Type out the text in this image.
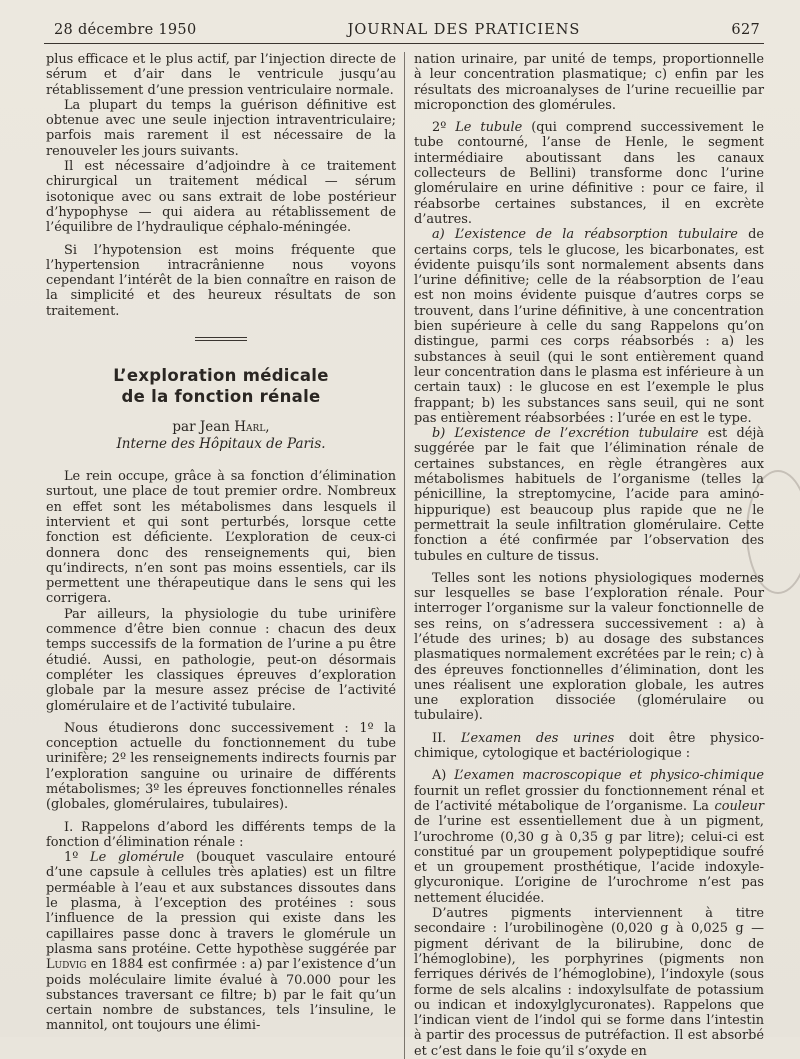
28 décembre 1950	JOURNAL DES PRATICIENS	627

plus efficace et le plus actif, par l’injection directe de sérum et d’air dans le ventricule jusqu’au rétablissement d’une pression ventriculaire normale.

La plupart du temps la guérison définitive est obtenue avec une seule injection intraventriculaire; parfois mais rarement il est nécessaire de la renouveler les jours suivants.

Il est nécessaire d’adjoindre à ce traitement chirurgical un traitement médical — sérum isotonique avec ou sans extrait de lobe postérieur d’hypophyse — qui aidera au rétablissement de l’équilibre de l’hydraulique céphalo-méningée.

Si l’hypotension est moins fréquente que l’hypertension intracrânienne nous voyons cependant l’intérêt de la bien connaître en raison de la simplicité et des heureux résultats de son traitement.

L’exploration médicale
de la fonction rénale
par Jean Harl,
Interne des Hôpitaux de Paris.

Le rein occupe, grâce à sa fonction d’élimination surtout, une place de tout premier ordre. Nombreux en effet sont les métabolismes dans lesquels il intervient et qui sont perturbés, lorsque cette fonction est déficiente. L’exploration de ceux-ci donnera donc des renseignements qui, bien qu’indirects, n’en sont pas moins essentiels, car ils permettent une thérapeutique dans le sens qui les corrigera.

Par ailleurs, la physiologie du tube urinifère commence d’être bien connue : chacun des deux temps successifs de la formation de l’urine a pu être étudié. Aussi, en pathologie, peut-on désormais compléter les classiques épreuves d’exploration globale par la mesure assez précise de l’activité glomérulaire et de l’activité tubulaire.

Nous étudierons donc successivement : 1º la conception actuelle du fonctionnement du tube urinifère; 2º les renseignements indirects fournis par l’exploration sanguine ou urinaire de différents métabolismes; 3º les épreuves fonctionnelles rénales (globales, glomérulaires, tubulaires).

I. Rappelons d’abord les différents temps de la fonction d’élimination rénale :

1º Le glomérule (bouquet vasculaire entouré d’une capsule à cellules très aplaties) est un filtre perméable à l’eau et aux substances dissoutes dans le plasma, à l’exception des protéines : sous l’influence de la pression qui existe dans les capillaires passe donc à travers le glomérule un plasma sans protéine. Cette hypothèse suggérée par Ludvig en 1884 est confirmée : a) par l’existence d’un poids moléculaire limite évalué à 70.000 pour les substances traversant ce filtre; b) par le fait qu’un certain nombre de substances, tels l’insuline, le mannitol, ont toujours une élimi-

nation urinaire, par unité de temps, proportionnelle à leur concentration plasmatique; c) enfin par les résultats des microanalyses de l’urine recueillie par microponction des glomérules.

2º Le tubule (qui comprend successivement le tube contourné, l’anse de Henle, le segment intermédiaire aboutissant dans les canaux collecteurs de Bellini) transforme donc l’urine glomérulaire en urine définitive : pour ce faire, il réabsorbe certaines substances, il en excrète d’autres.

a) L’existence de la réabsorption tubulaire de certains corps, tels le glucose, les bicarbonates, est évidente puisqu’ils sont normalement absents dans l’urine définitive; celle de la réabsorption de l’eau est non moins évidente puisque d’autres corps se trouvent, dans l’urine définitive, à une concentration bien supérieure à celle du sang Rappelons qu’on distingue, parmi ces corps réabsorbés : a) les substances à seuil (qui le sont entièrement quand leur concentration dans le plasma est inférieure à un certain taux) : le glucose en est l’exemple le plus frappant; b) les substances sans seuil, qui ne sont pas entièrement réabsorbées : l’urée en est le type.

b) L’existence de l’excrétion tubulaire est déjà suggérée par le fait que l’élimination rénale de certaines substances, en règle étrangères aux métabolismes habituels de l’organisme (telles la pénicilline, la streptomycine, l’acide para amino-hippurique) est beaucoup plus rapide que ne le permettrait la seule infiltration glomérulaire. Cette fonction a été confirmée par l’observation des tubules en culture de tissus.

Telles sont les notions physiologiques modernes sur lesquelles se base l’exploration rénale. Pour interroger l’organisme sur la valeur fonctionnelle de ses reins, on s’adressera successivement : a) à l’étude des urines; b) au dosage des substances plasmatiques normalement excrétées par le rein; c) à des épreuves fonctionnelles d’élimination, dont les unes réalisent une exploration globale, les autres une exploration dissociée (glomérulaire ou tubulaire).

II. L’examen des urines doit être physico-chimique, cytologique et bactériologique :

A) L’examen macroscopique et physico-chimique fournit un reflet grossier du fonctionnement rénal et de l’activité métabolique de l’organisme. La couleur de l’urine est essentiellement due à un pigment, l’urochrome (0,30 g à 0,35 g par litre); celui-ci est constitué par un groupement polypeptidique soufré et un groupement prosthétique, l’acide indoxyle-glycuronique. L’origine de l’urochrome n’est pas nettement élucidée.

D’autres pigments interviennent à titre secondaire : l’urobilinogène (0,020 g à 0,025 g — pigment dérivant de la bilirubine, donc de l’hémoglobine), les porphyrines (pigments non ferriques dérivés de l’hémoglobine), l’indoxyle (sous forme de sels alcalins : indoxylsulfate de potassium ou indican et indoxylglycuronates). Rappelons que l’indican vient de l’indol qui se forme dans l’intestin à partir des processus de putréfaction. Il est absorbé et c’est dans le foie qu’il s’oxyde en
